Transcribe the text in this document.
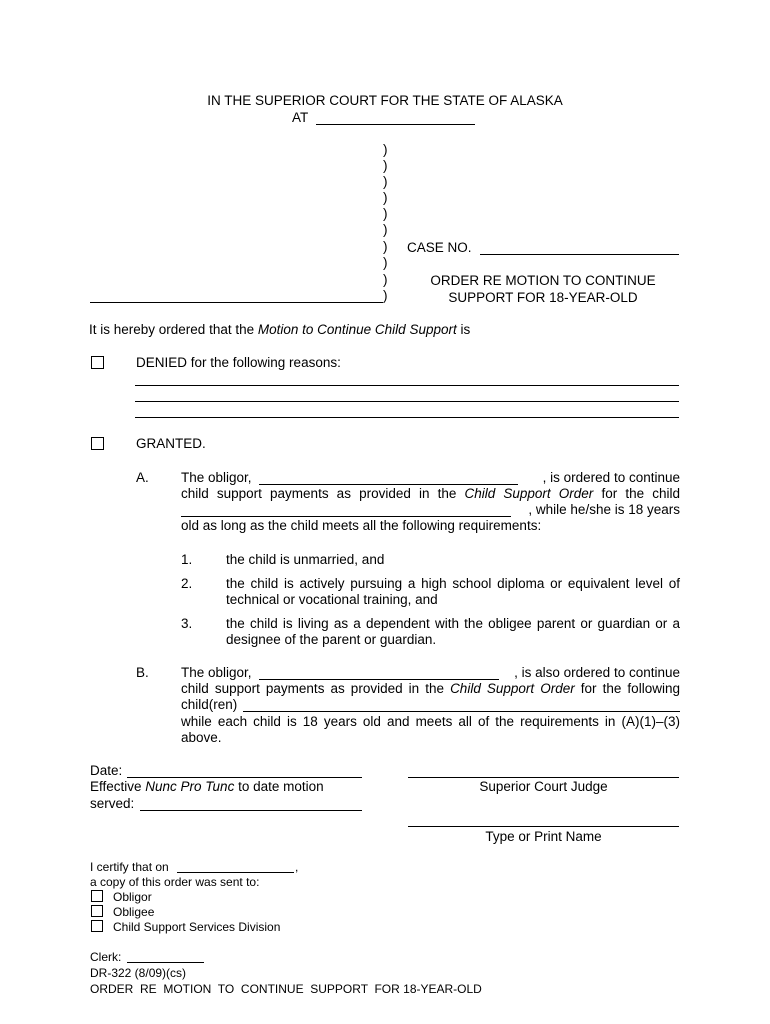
IN THE SUPERIOR COURT FOR THE STATE OF ALASKA
AT
)
)
)
)
)
)
)
)
)
)
CASE NO.
ORDER RE MOTION TO CONTINUE
SUPPORT FOR 18-YEAR-OLD
It is hereby ordered that the Motion to Continue Child Support is
DENIED for the following reasons:
GRANTED.
A. The obligor,	, is ordered to continue
child support payments as provided in the Child Support Order for the child
, while he/she is 18 years
old as long as the child meets all the following requirements:
1. the child is unmarried, and
2. the child is actively pursuing a high school diploma or equivalent level of
technical or vocational training, and
3. the child is living as a dependent with the obligee parent or guardian or a
designee of the parent or guardian.
B. The obligor,	, is also ordered to continue
child support payments as provided in the Child Support Order for the following
child(ren)
while each child is 18 years old and meets all of the requirements in (A)(1)–(3)
above.
Date:
Effective Nunc Pro Tunc to date motion
served:
Superior Court Judge
Type or Print Name
I certify that on	,
a copy of this order was sent to:
Obligor
Obligee
Child Support Services Division
Clerk:
DR-322 (8/09)(cs)
ORDER  RE  MOTION  TO  CONTINUE  SUPPORT  FOR 18-YEAR-OLD
